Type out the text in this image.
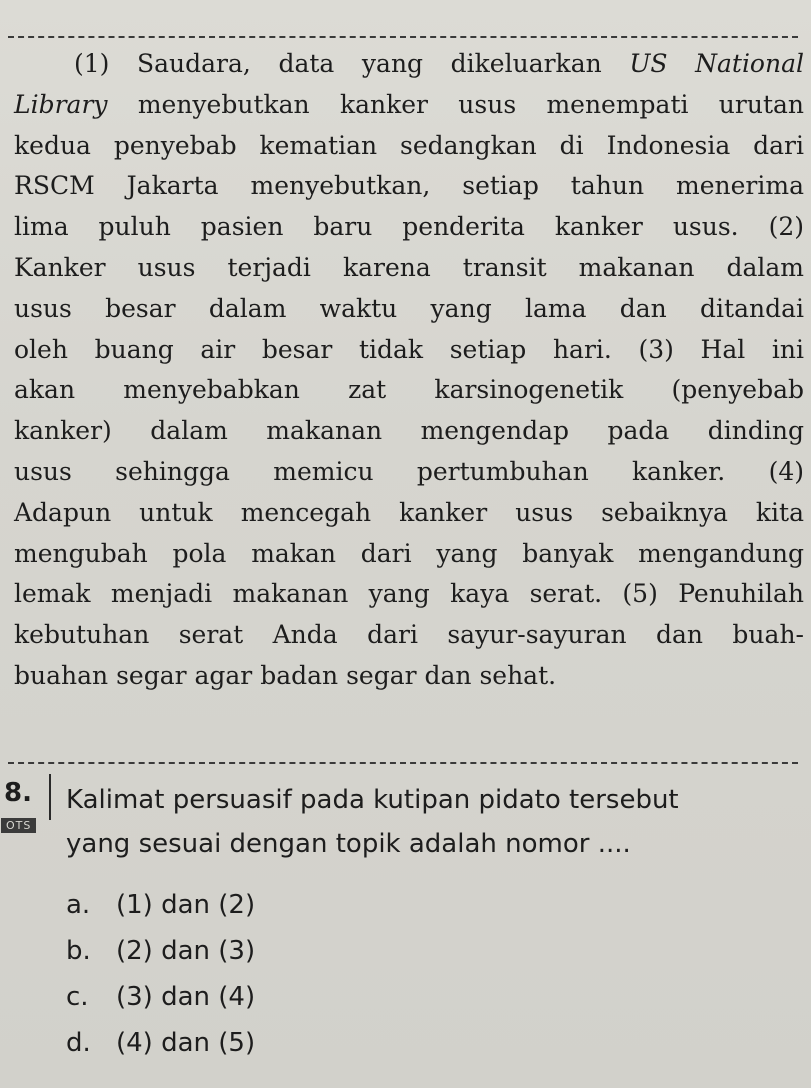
(1) Saudara, data yang dikeluarkan US National
Library menyebutkan kanker usus menempati urutan
kedua penyebab kematian sedangkan di Indonesia dari
RSCM Jakarta menyebutkan, setiap tahun menerima
lima puluh pasien baru penderita kanker usus. (2)
Kanker usus terjadi karena transit makanan dalam
usus besar dalam waktu yang lama dan ditandai
oleh buang air besar tidak setiap hari. (3) Hal ini
akan menyebabkan zat karsinogenetik (penyebab
kanker) dalam makanan mengendap pada dinding
usus sehingga memicu pertumbuhan kanker. (4)
Adapun untuk mencegah kanker usus sebaiknya kita
mengubah pola makan dari yang banyak mengandung
lemak menjadi makanan yang kaya serat. (5) Penuhilah
kebutuhan serat Anda dari sayur-sayuran dan buah-
buahan segar agar badan segar dan sehat.
8.
OTS
Kalimat persuasif pada kutipan pidato tersebut
yang sesuai dengan topik adalah nomor ....
a. (1) dan (2)
b. (2) dan (3)
c. (3) dan (4)
d. (4) dan (5)
